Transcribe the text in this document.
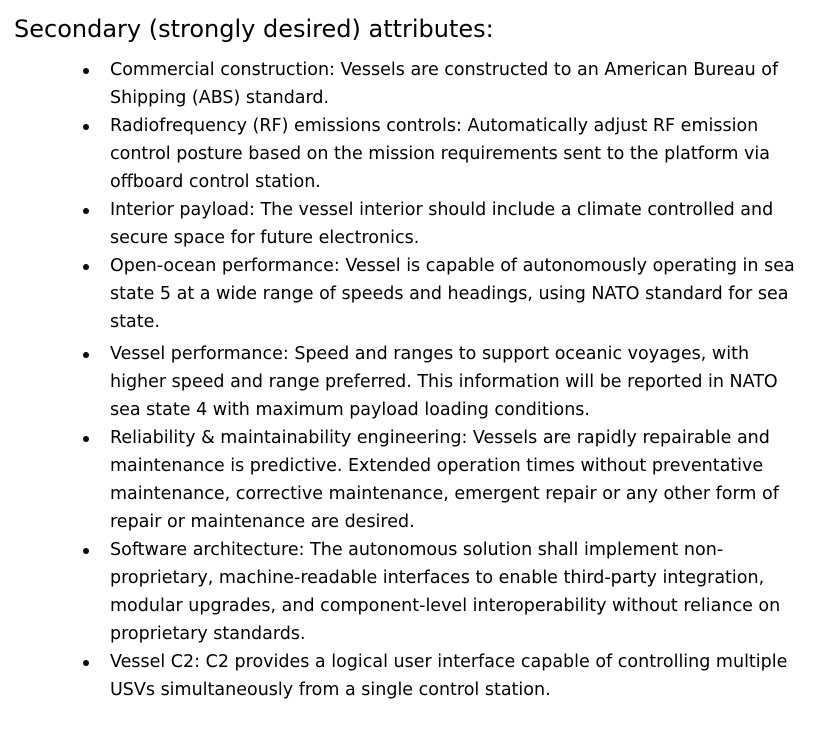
Secondary (strongly desired) attributes:
Commercial construction: Vessels are constructed to an American Bureau of Shipping (ABS) standard.
Radiofrequency (RF) emissions controls: Automatically adjust RF emission control posture based on the mission requirements sent to the platform via offboard control station.
Interior payload: The vessel interior should include a climate controlled and secure space for future electronics.
Open-ocean performance: Vessel is capable of autonomously operating in sea state 5 at a wide range of speeds and headings, using NATO standard for sea state.
Vessel performance: Speed and ranges to support oceanic voyages, with higher speed and range preferred. This information will be reported in NATO sea state 4 with maximum payload loading conditions.
Reliability & maintainability engineering: Vessels are rapidly repairable and maintenance is predictive. Extended operation times without preventative maintenance, corrective maintenance, emergent repair or any other form of repair or maintenance are desired.
Software architecture: The autonomous solution shall implement non-proprietary, machine-readable interfaces to enable third-party integration, modular upgrades, and component-level interoperability without reliance on proprietary standards.
Vessel C2: C2 provides a logical user interface capable of controlling multiple USVs simultaneously from a single control station.
